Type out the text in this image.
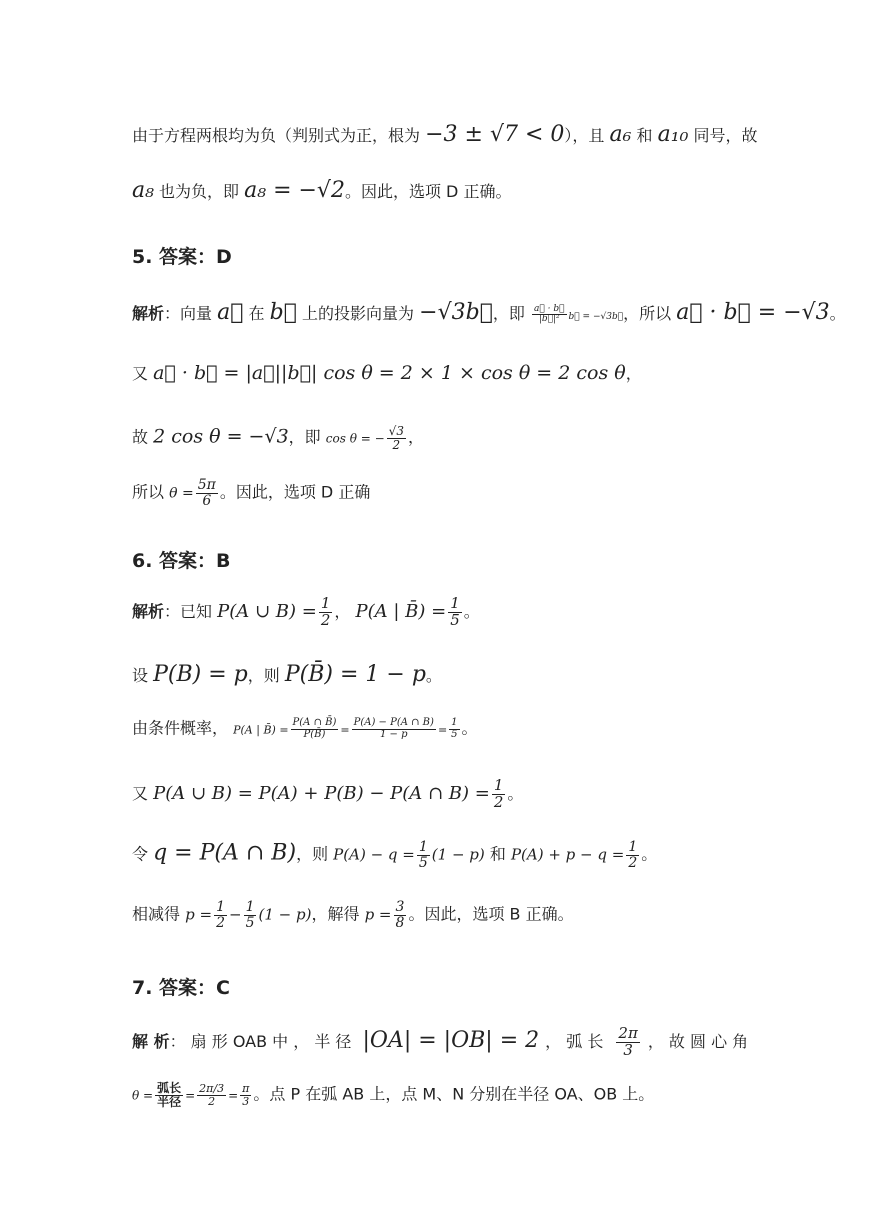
由于方程两根均为负（判别式为正，根为 −3 ± √7 < 0），且 a₆ 和 a₁₀ 同号，故
a₈ 也为负，即 a₈ = −√2。因此，选项 D 正确。
5. 答案：D
解析：向量 a⃗ 在 b⃗ 上的投影向量为 −√3b⃗，即 $\frac{a⃗ \cdot b⃗}{\text{|b⃗|²}}$ b⃗ = −√3b⃗，所以 a⃗ · b⃗ = −√3。
又 a⃗ · b⃗ = |a⃗||b⃗| cos θ = 2 × 1 × cos θ = 2 cos θ，
故 2 cos θ = −√3，即 cos θ = − $\frac{√3}{2}$ ，
所以 $\theta = \frac{5\pi}{6}$ 。因此，选项 D 正确
6. 答案：B
解析：已知 P(A ∪ $B) = \frac{1}{2}$ ， P(A | B̄) = $\frac{1}{5}$ 。
设 P(B) = p，则 P(B̄) = 1 − p。
由条件概率， P(A | B̄) = $\frac{P(A \cap B̄)}{P(B̄)} = \frac{P(A) - P(A \cap B)}{1 - p} = \frac{1}{5}$ 。
又 P(A ∪ B) = P(A) + P(B) − P(A ∩ $B) = \frac{1}{2}$ 。
令 q = P(A ∩ B)，则 $P(A) - q = \frac{1}{5} (1 - p)$ 和 $P(A) + p - q = \frac{1}{2}$ 。
相减得 $p = \frac{1}{2} - \frac{1}{5} (1 - p)$，解得 $p = \frac{3}{8}$ 。因此，选项 B 正确。
7. 答案：C
解 析： 扇 形 OAB 中 ， 半 径 |OA| = |OB| = 2 ， 弧 长 $\frac{2\pi}{3}$ ， 故 圆 心 角
$\theta = \frac{\text{弧长}}{\text{半径}} = \frac{2\pi/3}{2} = \frac{\pi}{3}$ 。点 P 在弧 AB 上，点 M、N 分别在半径 OA、OB 上。
